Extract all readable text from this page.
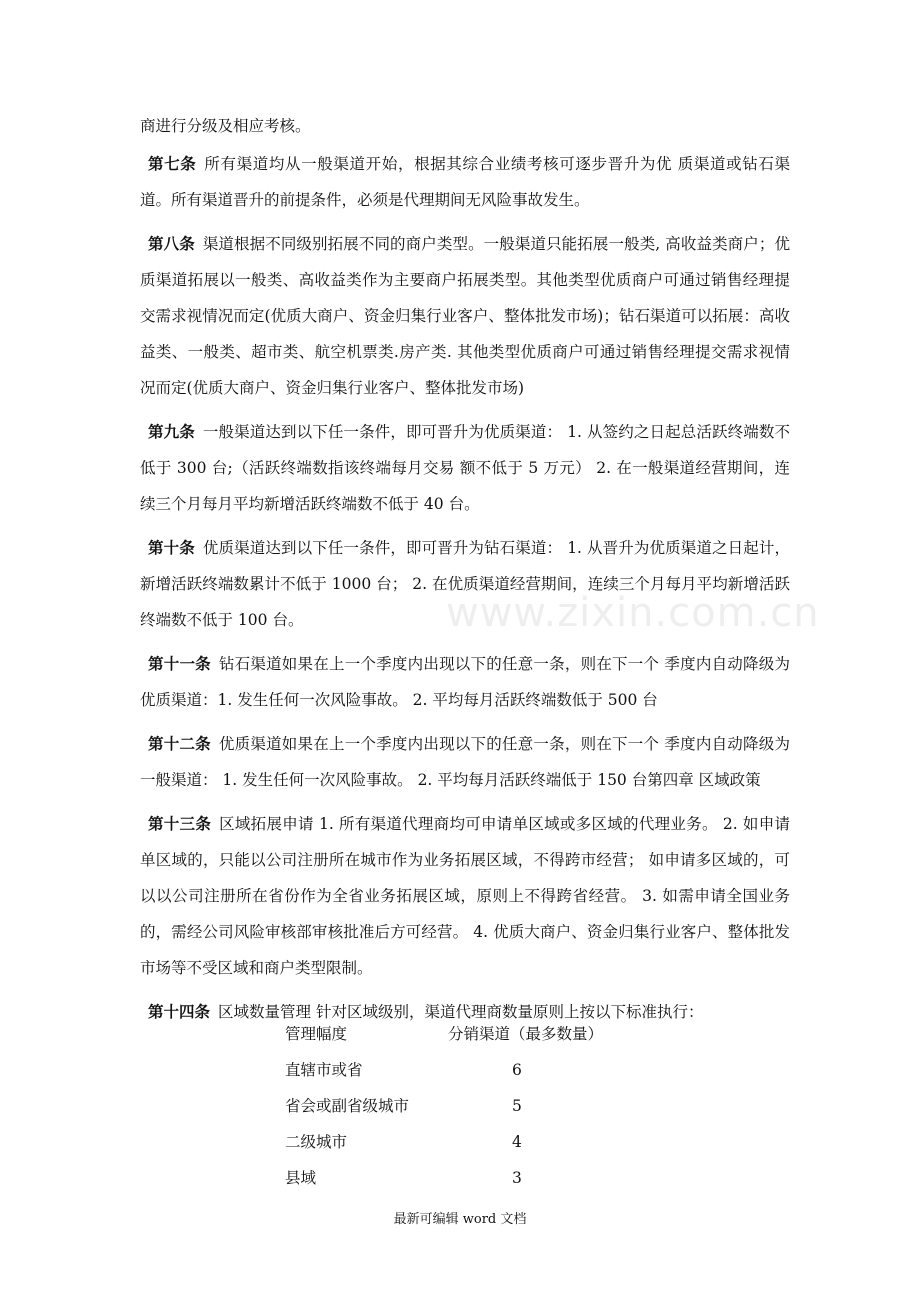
www.zixin.com.cn

商进行分级及相应考核。

第七条 所有渠道均从一般渠道开始，根据其综合业绩考核可逐步晋升为优 质渠道或钻石渠道。所有渠道晋升的前提条件，必须是代理期间无风险事故发生。

第八条 渠道根据不同级别拓展不同的商户类型。一般渠道只能拓展一般类, 高收益类商户；优质渠道拓展以一般类、高收益类作为主要商户拓展类型。其他类型优质商户可通过销售经理提交需求视情况而定(优质大商户、资金归集行业客户、整体批发市场)；钻石渠道可以拓展：高收益类、一般类、超市类、航空机票类.房产类. 其他类型优质商户可通过销售经理提交需求视情况而定(优质大商户、资金归集行业客户、整体批发市场)

第九条 一般渠道达到以下任一条件，即可晋升为优质渠道： 1. 从签约之日起总活跃终端数不低于 300 台;（活跃终端数指该终端每月交易 额不低于 5 万元） 2. 在一般渠道经营期间，连续三个月每月平均新增活跃终端数不低于 40 台。

第十条 优质渠道达到以下任一条件，即可晋升为钻石渠道： 1. 从晋升为优质渠道之日起计，新增活跃终端数累计不低于 1000 台； 2. 在优质渠道经营期间，连续三个月每月平均新增活跃终端数不低于 100 台。

第十一条 钻石渠道如果在上一个季度内出现以下的任意一条，则在下一个 季度内自动降级为优质渠道：1. 发生任何一次风险事故。 2. 平均每月活跃终端数低于 500 台

第十二条 优质渠道如果在上一个季度内出现以下的任意一条，则在下一个 季度内自动降级为一般渠道： 1. 发生任何一次风险事故。 2. 平均每月活跃终端低于 150 台第四章 区域政策

第十三条 区域拓展申请 1. 所有渠道代理商均可申请单区域或多区域的代理业务。 2. 如申请单区域的，只能以公司注册所在城市作为业务拓展区域，不得跨市经营； 如申请多区域的，可以以公司注册所在省份作为全省业务拓展区域，原则上不得跨省经营。 3. 如需申请全国业务的，需经公司风险审核部审核批准后方可经营。 4. 优质大商户、资金归集行业客户、整体批发市场等不受区域和商户类型限制。

第十四条 区域数量管理 针对区域级别，渠道代理商数量原则上按以下标准执行：

管理幅度	分销渠道（最多数量）
直辖市或省	6
省会或副省级城市	5
二级城市	4
县域	3
最新可编辑 word 文档
